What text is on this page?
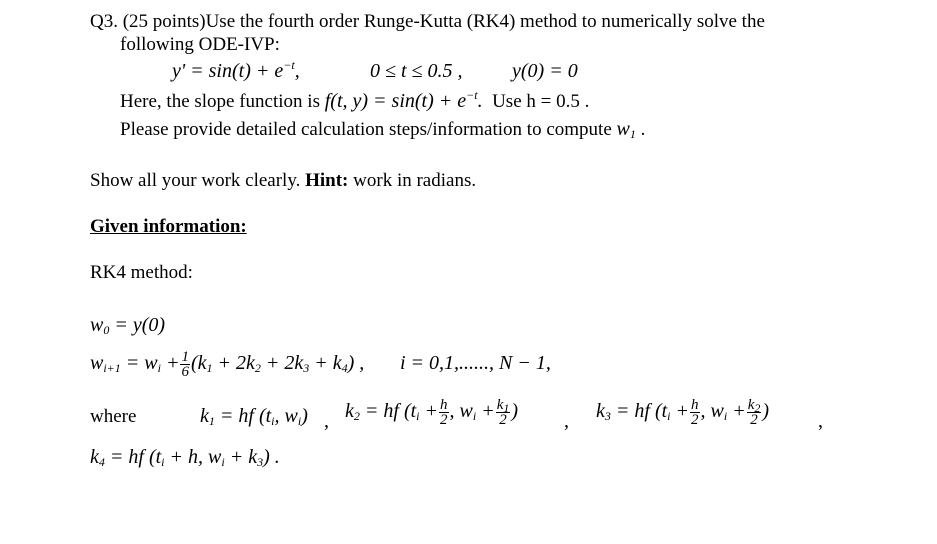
Q3. (25 points)Use the fourth order Runge-Kutta (RK4) method to numerically solve the
following ODE-IVP:
$y' = \sin(t) + e^{-t}$,	0 ≤ t ≤ 0.5 , y(0) = 0
Here, the slope function is f(t, $y) = \sin(t) + e^{-t}$. Use h = 0.5 .
Please provide detailed calculation steps/information to compute $w_1$ .
Show all your work clearly. Hint: work in radians.
Given information:
RK4 method:
$w_0 = y(0)$
$w_{i+1} = w_i + \frac{1}{6} (k_1 + 2k_2 + 2k_3 + k_4)$ , i = 0,1,......, N − 1,
where	$k_1$ = hf ($t_i$, $w_i$) , $k_2$ = hf ($t_i + \frac{h}{2}$ , $w_i + \frac{k_1}{2}$ ) , $k_3$ = hf ($t_i + \frac{h}{2}$ , $w_i + \frac{k_2}{2}$ ) ,
$k_4$ = hf ($t_i + h$, $w_i + k_3$) .
